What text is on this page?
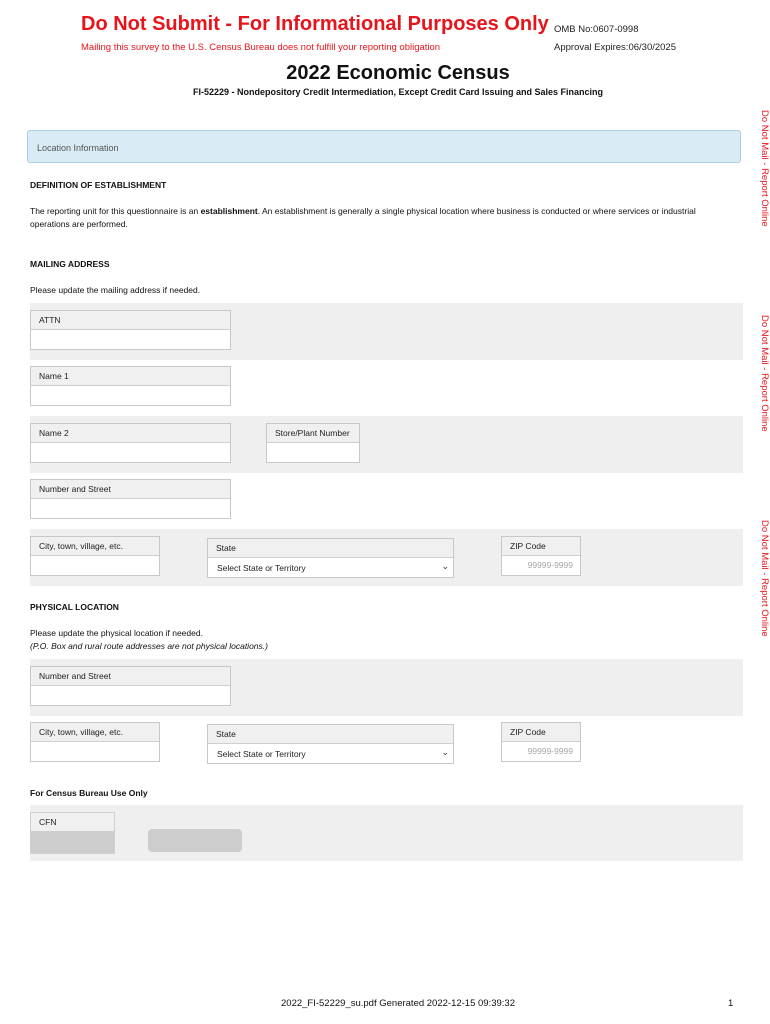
Do Not Submit - For Informational Purposes Only
Mailing this survey to the U.S. Census Bureau does not fulfill your reporting obligation
OMB No:0607-0998
Approval Expires:06/30/2025
2022 Economic Census
FI-52229 - Nondepository Credit Intermediation, Except Credit Card Issuing and Sales Financing
Do Not Mail - Report Online
Do Not Mail - Report Online
Do Not Mail - Report Online
Location Information
DEFINITION OF ESTABLISHMENT
The reporting unit for this questionnaire is an establishment. An establishment is generally a single physical location where business is conducted or where services or industrial operations are performed.
MAILING ADDRESS
Please update the mailing address if needed.
ATTN
Name 1
Name 2	Store/Plant Number
Number and Street
City, town, village, etc.	State
Select State or Territory	⌄
ZIP Code
99999-9999
PHYSICAL LOCATION
Please update the physical location if needed.
(P.O. Box and rural route addresses are not physical locations.)
Number and Street
City, town, village, etc.	State
Select State or Territory	⌄
ZIP Code
99999-9999
For Census Bureau Use Only
CFN
2022_FI-52229_su.pdf Generated 2022-12-15 09:39:32	1
